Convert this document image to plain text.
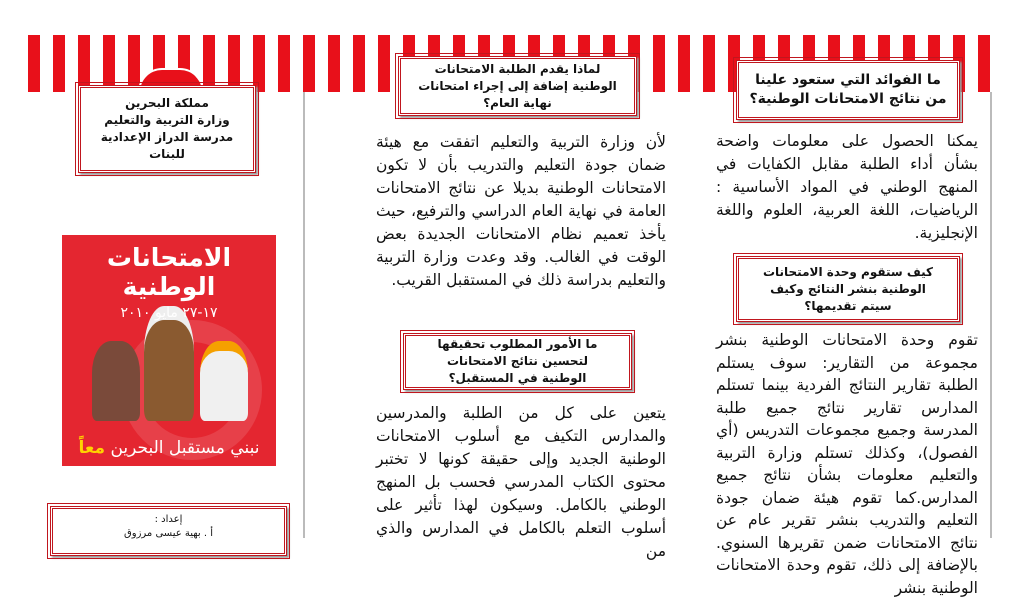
مملكة البحرين
وزارة التربية والتعليم
مدرسة الدراز الإعدادية للبنات
الامتحانات الوطنية
١٧-٢٧ مايو ٢٠١٠
نبني مستقبل البحرين معاً
إعداد :
أ . بهية عيسى مرزوق
لماذا يقدم الطلبة الامتحانات الوطنية إضافة إلى إجراء امتحانات نهاية العام؟
لأن وزارة التربية والتعليم اتفقت مع هيئة ضمان جودة التعليم والتدريب بأن لا تكون الامتحانات الوطنية بديلا عن نتائج الامتحانات العامة في نهاية العام الدراسي والترفيع، حيث يأخذ تعميم نظام الامتحانات الجديدة بعض الوقت في الغالب. وقد وعدت وزارة التربية والتعليم بدراسة ذلك في المستقبل القريب.
ما الأمور المطلوب تحقيقها لتحسين نتائج الامتحانات الوطنية في المستقبل؟
يتعين على كل من الطلبة والمدرسين والمدارس التكيف مع أسلوب الامتحانات الوطنية الجديد وإلى حقيقة كونها لا تختبر محتوى الكتاب المدرسي فحسب بل المنهج الوطني بالكامل. وسيكون لهذا تأثير على أسلوب التعلم بالكامل في المدارس والذي من
ما الفوائد التي ستعود علينا من نتائج الامتحانات الوطنية؟
يمكنا الحصول على معلومات واضحة بشأن أداء الطلبة مقابل الكفايات في المنهج الوطني في المواد الأساسية : الرياضيات، اللغة العربية، العلوم واللغة الإنجليزية.
كيف ستقوم وحدة الامتحانات الوطنية بنشر النتائج وكيف سيتم تقديمها؟
تقوم وحدة الامتحانات الوطنية بنشر مجموعة من التقارير: سوف يستلم الطلبة تقارير النتائج الفردية بينما تستلم المدارس تقارير نتائج جميع طلبة المدرسة وجميع مجموعات التدريس (أي الفصول)، وكذلك تستلم وزارة التربية والتعليم معلومات بشأن نتائج جميع المدارس.كما تقوم هيئة ضمان جودة التعليم والتدريب بنشر تقرير عام عن نتائج الامتحانات ضمن تقريرها السنوي. بالإضافة إلى ذلك، تقوم وحدة الامتحانات الوطنية بنشر
